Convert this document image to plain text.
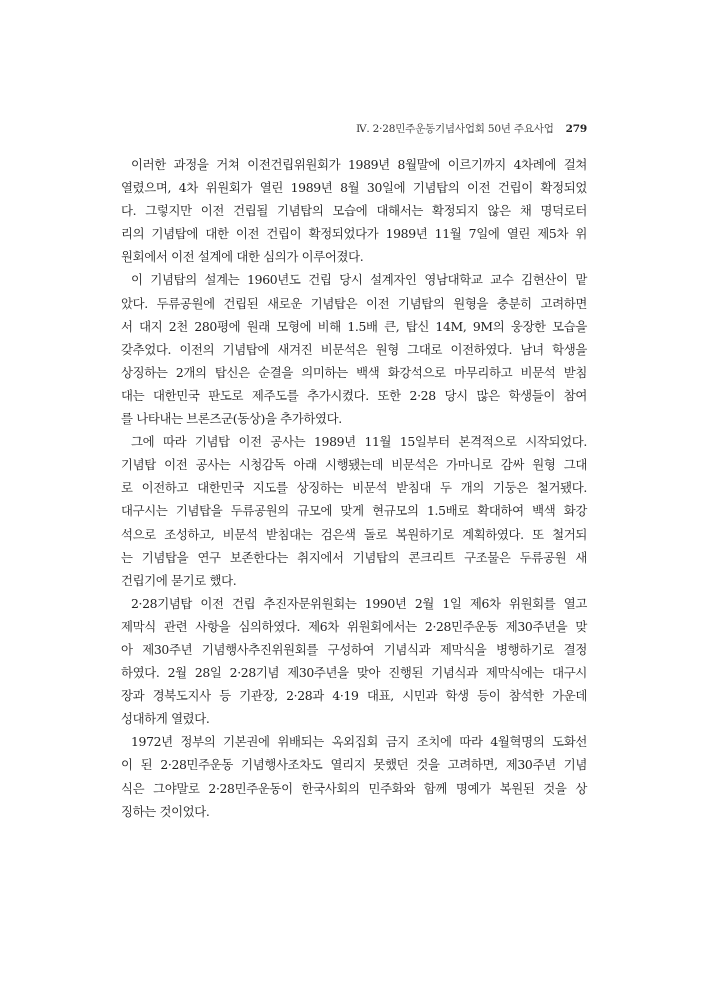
Ⅳ. 2·28민주운동기념사업회 50년 주요사업 279
이러한 과정을 거쳐 이전건립위원회가 1989년 8월말에 이르기까지 4차례에 걸쳐
열렸으며, 4차 위원회가 열린 1989년 8월 30일에 기념탑의 이전 건립이 확정되었
다. 그렇지만 이전 건립될 기념탑의 모습에 대해서는 확정되지 않은 채 명덕로터
리의 기념탑에 대한 이전 건립이 확정되었다가 1989년 11월 7일에 열린 제5차 위
원회에서 이전 설계에 대한 심의가 이루어졌다.
이 기념탑의 설계는 1960년도 건립 당시 설계자인 영남대학교 교수 김현산이 맡
았다. 두류공원에 건립된 새로운 기념탑은 이전 기념탑의 원형을 충분히 고려하면
서 대지 2천 280평에 원래 모형에 비해 1.5배 큰, 탑신 14M, 9M의 웅장한 모습을
갖추었다. 이전의 기념탑에 새겨진 비문석은 원형 그대로 이전하였다. 남녀 학생을
상징하는 2개의 탑신은 순결을 의미하는 백색 화강석으로 마무리하고 비문석 받침
대는 대한민국 판도로 제주도를 추가시켰다. 또한 2·28 당시 많은 학생들이 참여
를 나타내는 브론즈군(동상)을 추가하였다.
그에 따라 기념탑 이전 공사는 1989년 11월 15일부터 본격적으로 시작되었다.
기념탑 이전 공사는 시청감독 아래 시행됐는데 비문석은 가마니로 감싸 원형 그대
로 이전하고 대한민국 지도를 상징하는 비문석 받침대 두 개의 기둥은 철거됐다.
대구시는 기념탑을 두류공원의 규모에 맞게 현규모의 1.5배로 확대하여 백색 화강
석으로 조성하고, 비문석 받침대는 검은색 돌로 복원하기로 계획하였다. 또 철거되
는 기념탑을 연구 보존한다는 취지에서 기념탑의 콘크리트 구조물은 두류공원 새
건립기에 묻기로 했다.
2·28기념탑 이전 건립 추진자문위원회는 1990년 2월 1일 제6차 위원회를 열고
제막식 관련 사항을 심의하였다. 제6차 위원회에서는 2·28민주운동 제30주년을 맞
아 제30주년 기념행사추진위원회를 구성하여 기념식과 제막식을 병행하기로 결정
하였다. 2월 28일 2·28기념 제30주년을 맞아 진행된 기념식과 제막식에는 대구시
장과 경북도지사 등 기관장, 2·28과 4·19 대표, 시민과 학생 등이 참석한 가운데
성대하게 열렸다.
1972년 정부의 기본권에 위배되는 옥외집회 금지 조치에 따라 4월혁명의 도화선
이 된 2·28민주운동 기념행사조차도 열리지 못했던 것을 고려하면, 제30주년 기념
식은 그야말로 2·28민주운동이 한국사회의 민주화와 함께 명예가 복원된 것을 상
징하는 것이었다.
